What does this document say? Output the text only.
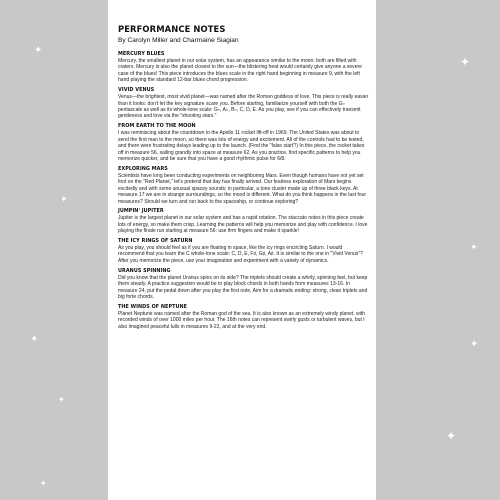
✦
✦
✦
✦
✦	✦
✦
✦
✦
PERFORMANCE NOTES
By Carolyn Miller and Charmaine Siagian
MERCURY BLUES

Mercury, the smallest planet in our solar system, has an appearance similar to the moon: both are filled with craters. Mercury is also the planet closest to the sun—the blistering heat would certainly give anyone a severe case of the blues! This piece introduces the blues scale in the right hand beginning in measure 9, with the left hand playing the standard 12-bar blues chord progression.

VIVID VENUS

Venus—the brightest, most vivid planet—was named after the Roman goddess of love. This piece is really easier than it looks: don't let the key signature scare you. Before starting, familiarize yourself with both the G♭ pentascale as well as its whole-tone scale: G♭, A♭, B♭, C, D, E. As you play, see if you can effectively transmit gentleness and love via the "shooting stars."

FROM EARTH TO THE MOON

I was reminiscing about the countdown to the Apollo 11 rocket lift-off in 1969. The United States was about to send the first man to the moon, so there was lots of energy and excitement. All of the controls had to be tested, and there were frustrating delays leading up to the launch. (Find the "false start"!) In this piece, the rocket takes off in measure 56, sailing grandly into space at measure 62. As you practice, find specific patterns to help you memorize quicker, and be sure that you have a good rhythmic pulse for 6/8.

EXPLORING MARS

Scientists have long been conducting experiments on neighboring Mars. Even though humans have not yet set foot on the "Red Planet," let's pretend that day has finally arrived. Our fearless exploration of Mars begins excitedly and with some unusual spacey sounds; in particular, a tone cluster made up of three black keys. At measure 17 we are in strange surroundings, so the mood is different. What do you think happens in the last four measures? Should we turn and run back to the spaceship, or continue exploring?

JUMPIN' JUPITER

Jupiter is the largest planet in our solar system and has a rapid rotation. The staccato notes in this piece create lots of energy, so make them crisp. Learning the patterns will help you memorize and play with confidence. I love playing the finale run starting at measure 56: use firm fingers and make it sparkle!

THE ICY RINGS OF SATURN

As you play, you should feel as if you are floating in space, like the icy rings encircling Saturn. I would recommend that you learn the C whole-tone scale: C, D, E, F♯, G♯, A♯. It is similar to the one in "Vivid Venus"? After you memorize the piece, use your imagination and experiment with a variety of dynamics.

URANUS SPINNING

Did you know that the planet Uranus spins on its side? The triplets should create a whirly, spinning feel, but keep them steady. A practice suggestion would be to play block chords in both hands from measures 13-16. In measure 24, put the pedal down after you play the first note. Aim for a dramatic ending: strong, clean triplets and big forte chords.

THE WINDS OF NEPTUNE

Planet Neptune was named after the Roman god of the sea. It is also known as an extremely windy planet, with recorded winds of over 1000 miles per hour. The 16th notes can represent swirly gusts or turbulent waves, but I also imagined peaceful lulls in measures 9-22, and at the very end.
